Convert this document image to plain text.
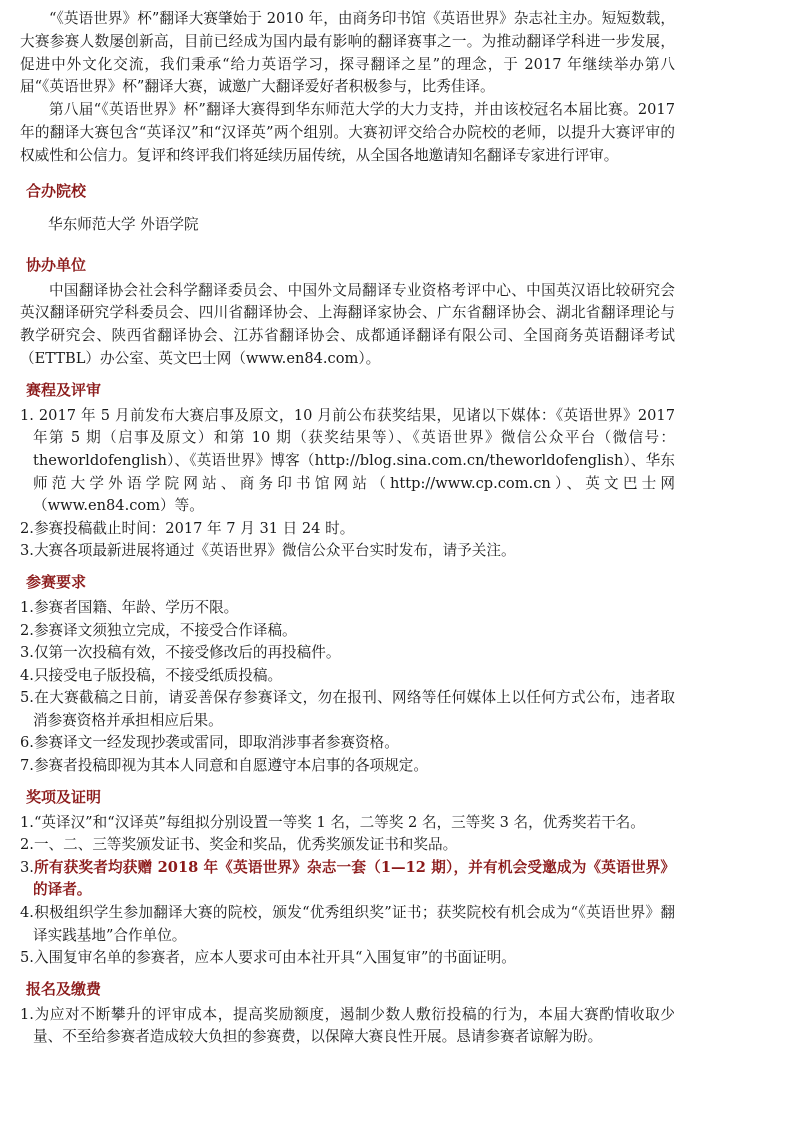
“《英语世界》杯”翻译大赛肇始于 2010 年，由商务印书馆《英语世界》杂志社主办。短短数载，大赛参赛人数屡创新高，目前已经成为国内最有影响的翻译赛事之一。为推动翻译学科进一步发展，促进中外文化交流，我们秉承“给力英语学习，探寻翻译之星”的理念，于 2017 年继续举办第八届“《英语世界》杯”翻译大赛，诚邀广大翻译爱好者积极参与，比秀佳译。

第八届“《英语世界》杯”翻译大赛得到华东师范大学的大力支持，并由该校冠名本届比赛。2017 年的翻译大赛包含“英译汉”和“汉译英”两个组别。大赛初评交给合办院校的老师，以提升大赛评审的权威性和公信力。复评和终评我们将延续历届传统，从全国各地邀请知名翻译专家进行评审。

合办院校

华东师范大学 外语学院

协办单位

中国翻译协会社会科学翻译委员会、中国外文局翻译专业资格考评中心、中国英汉语比较研究会英汉翻译研究学科委员会、四川省翻译协会、上海翻译家协会、广东省翻译协会、湖北省翻译理论与教学研究会、陕西省翻译协会、江苏省翻译协会、成都通译翻译有限公司、全国商务英语翻译考试（ETTBL）办公室、英文巴士网（www.en84.com）。

赛程及评审
1. 2017 年 5 月前发布大赛启事及原文，10 月前公布获奖结果，见诸以下媒体：《英语世界》2017 年第 5 期（启事及原文）和第 10 期（获奖结果等）、《英语世界》微信公众平台（微信号：theworldofenglish）、《英语世界》博客（http://blog.sina.com.cn/theworldofenglish）、华东师范大学外语学院网站、商务印书馆网站（http://www.cp.com.cn）、英文巴士网（www.en84.com）等。
2.参赛投稿截止时间：2017 年 7 月 31 日 24 时。
3.大赛各项最新进展将通过《英语世界》微信公众平台实时发布，请予关注。
参赛要求
1.参赛者国籍、年龄、学历不限。
2.参赛译文须独立完成，不接受合作译稿。
3.仅第一次投稿有效，不接受修改后的再投稿件。
4.只接受电子版投稿，不接受纸质投稿。
5.在大赛截稿之日前，请妥善保存参赛译文，勿在报刊、网络等任何媒体上以任何方式公布，违者取消参赛资格并承担相应后果。
6.参赛译文一经发现抄袭或雷同，即取消涉事者参赛资格。
7.参赛者投稿即视为其本人同意和自愿遵守本启事的各项规定。
奖项及证明
1.“英译汉”和“汉译英”每组拟分别设置一等奖 1 名，二等奖 2 名，三等奖 3 名，优秀奖若干名。
2.一、二、三等奖颁发证书、奖金和奖品，优秀奖颁发证书和奖品。
3.所有获奖者均获赠 2018 年《英语世界》杂志一套（1—12 期），并有机会受邀成为《英语世界》的译者。
4.积极组织学生参加翻译大赛的院校，颁发“优秀组织奖”证书；获奖院校有机会成为“《英语世界》翻译实践基地”合作单位。
5.入围复审名单的参赛者，应本人要求可由本社开具“入围复审”的书面证明。
报名及缴费
1.为应对不断攀升的评审成本，提高奖励额度，遏制少数人敷衍投稿的行为，本届大赛酌情收取少量、不至给参赛者造成较大负担的参赛费，以保障大赛良性开展。恳请参赛者谅解为盼。
